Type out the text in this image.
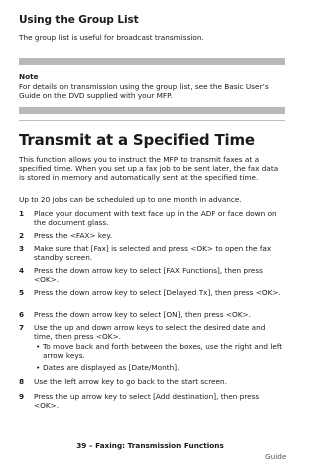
Using the Group List
The group list is useful for broadcast transmission.
Note
For details on transmission using the group list, see the Basic User’s Guide on the DVD supplied with your MFP.
Transmit at a Specified Time
This function allows you to instruct the MFP to transmit faxes at a specified time. When you set up a fax job to be sent later, the fax data is stored in memory and automatically sent at the specified time.
Up to 20 jobs can be scheduled up to one month in advance.
1	Place your document with text face up in the ADF or face down on the document glass.
2	Press the <FAX> key.
3	Make sure that [Fax] is selected and press <OK> to open the fax standby screen.
4	Press the down arrow key to select [FAX Functions], then press <OK>.
5	Press the down arrow key to select [Delayed Tx], then press <OK>.
6	Press the down arrow key to select [ON], then press <OK>.
7	Use the up and down arrow keys to select the desired date and time, then press <OK>.
• To move back and forth between the boxes, use the right and left arrow keys.
• Dates are displayed as [Date/Month].
8	Use the left arrow key to go back to the start screen.
9	Press the up arrow key to select [Add destination], then press <OK>.
39 – Faxing: Transmission Functions
Guide
